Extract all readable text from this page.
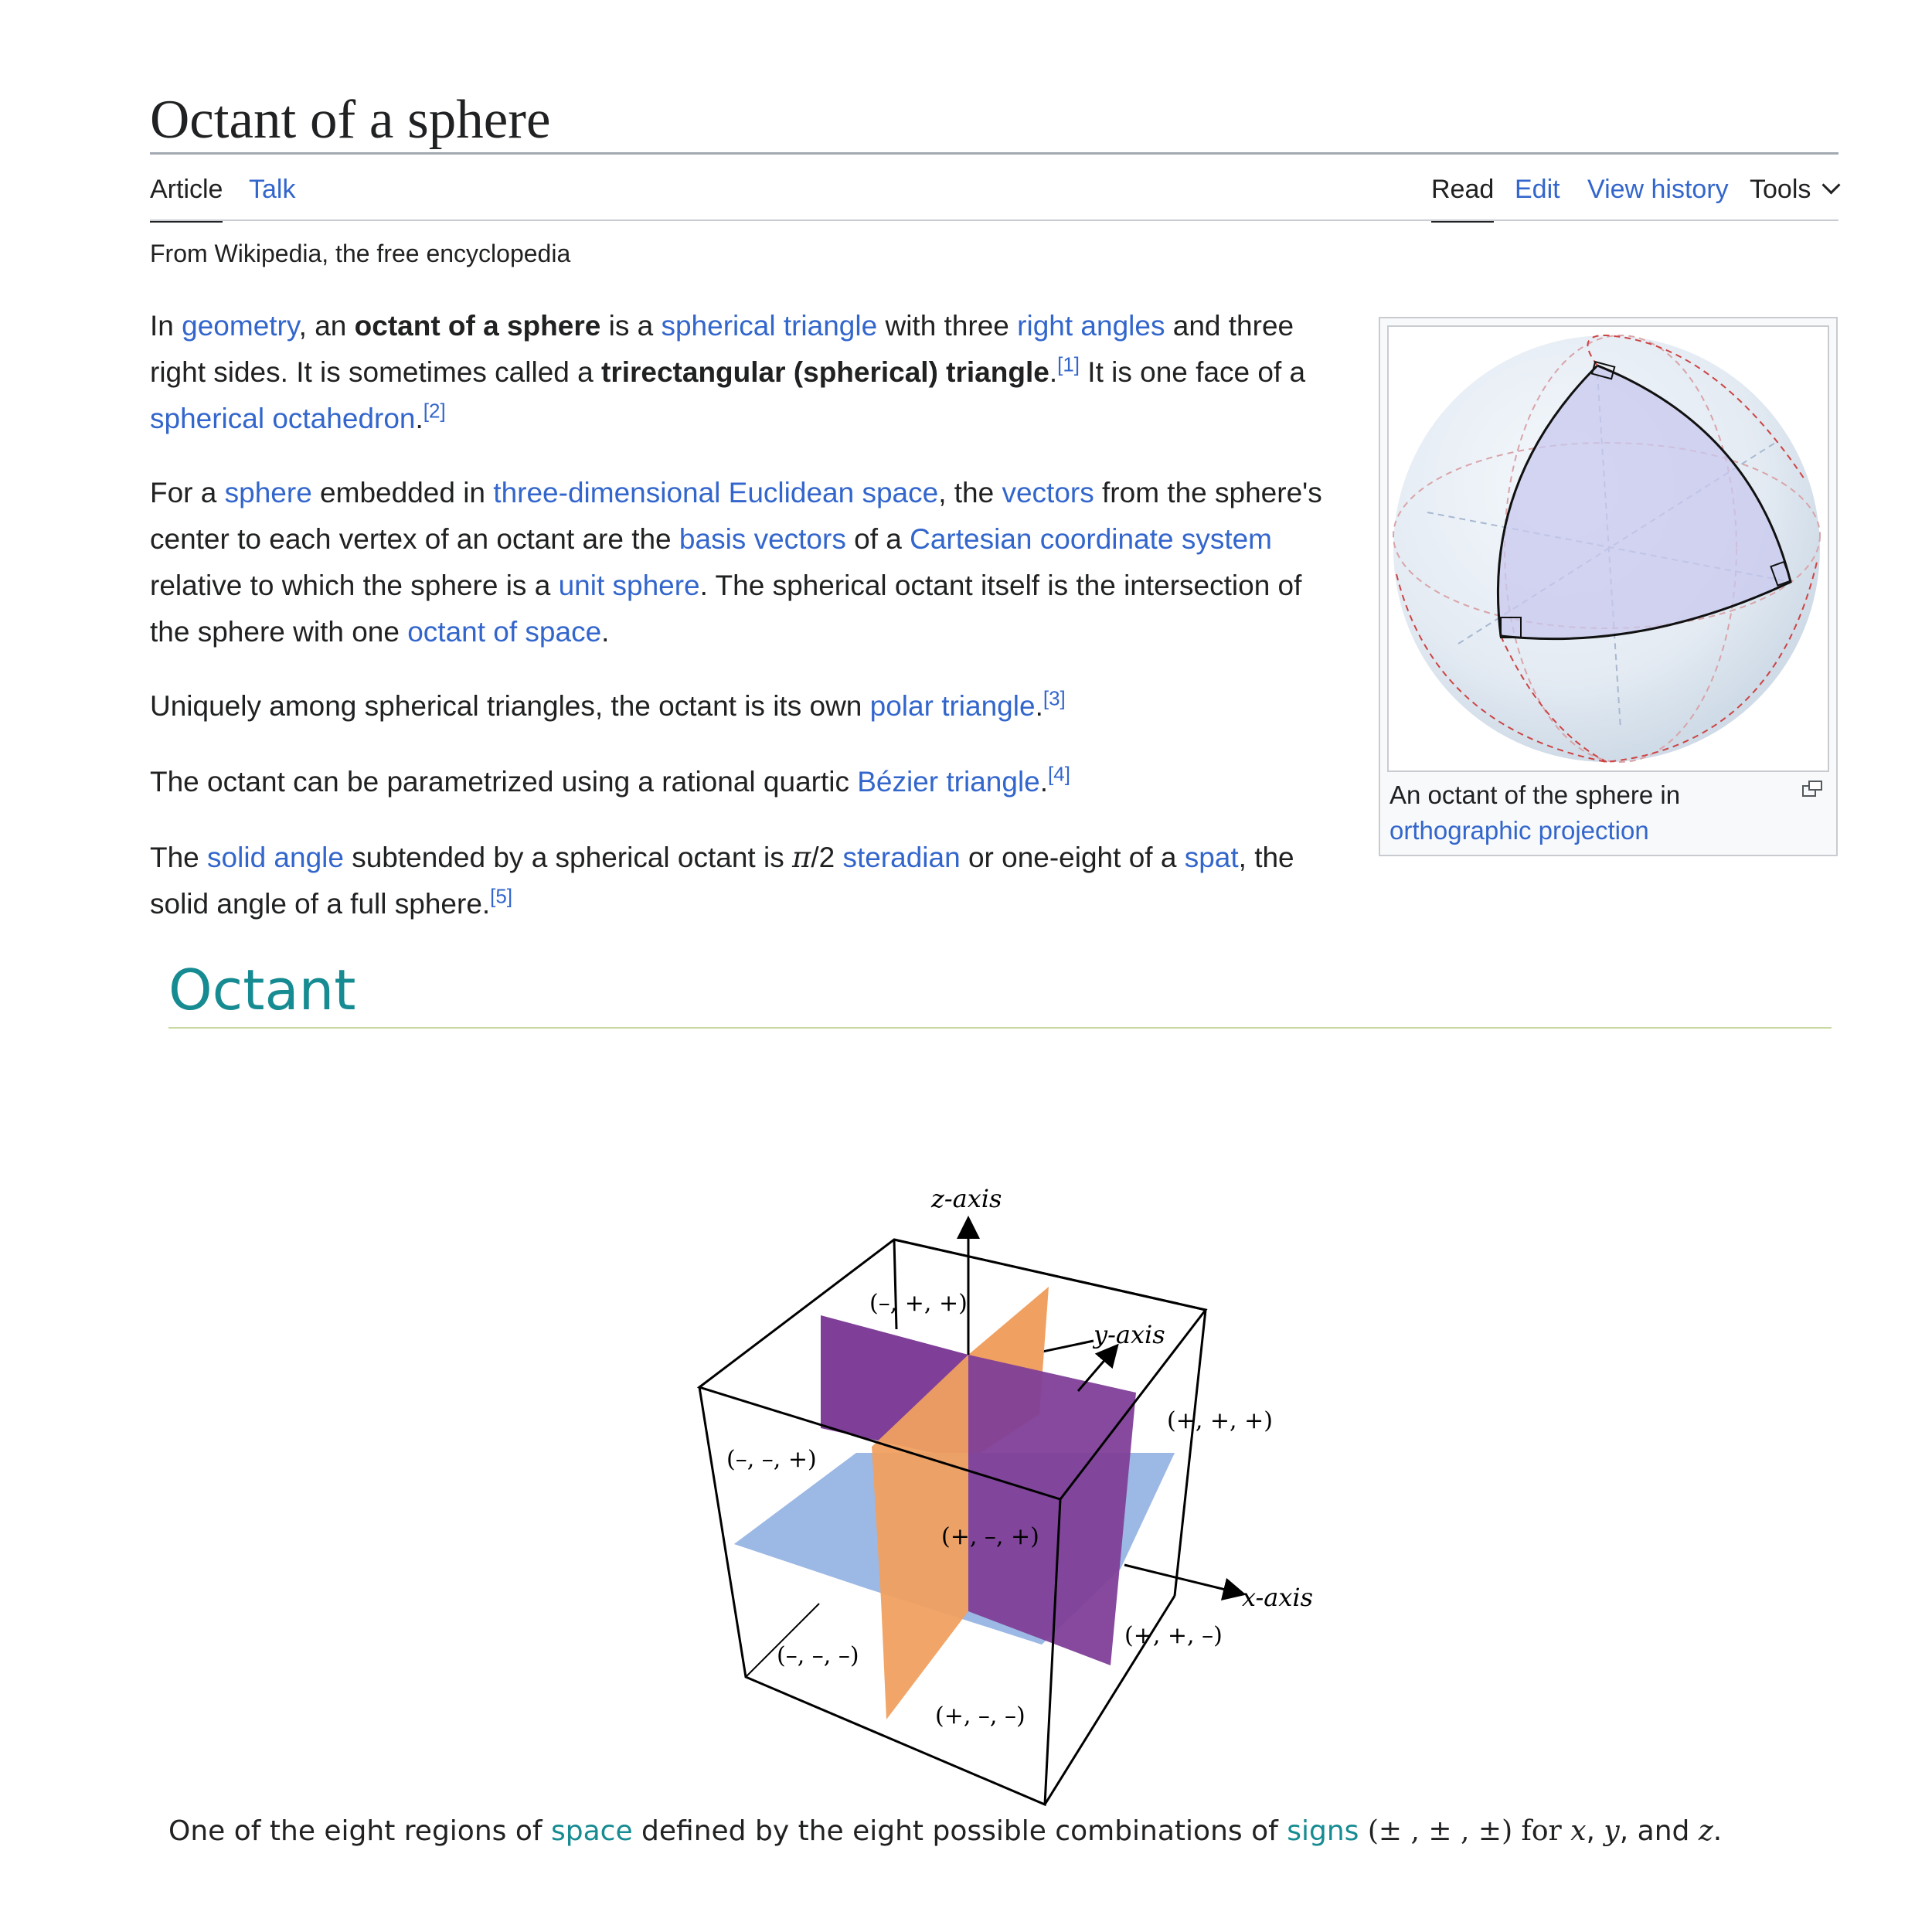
Octant of a sphere
Article Talk	Read Edit View history Tools
From Wikipedia, the free encyclopedia

In geometry, an octant of a sphere is a spherical triangle with three right angles and three right sides. It is sometimes called a trirectangular (spherical) triangle.[1] It is one face of a spherical octahedron.[2]

For a sphere embedded in three-dimensional Euclidean space, the vectors from the sphere's center to each vertex of an octant are the basis vectors of a Cartesian coordinate system relative to which the sphere is a unit sphere. The spherical octant itself is the intersection of the sphere with one octant of space.

Uniquely among spherical triangles, the octant is its own polar triangle.[3]

The octant can be parametrized using a rational quartic Bézier triangle.[4]

The solid angle subtended by a spherical octant is π/2 steradian or one-eight of a spat, the solid angle of a full sphere.[5]

An octant of the sphere in orthographic projection
Octant
z-axis
y-axis
x-axis
(–, +, +)
(+, +, +)
(–, –, +)
(+, –, +)
(+, +, –)
(–, –, –)
(+, –, –)
One of the eight regions of space defined by the eight possible combinations of signs (± , ± , ±) for x, y, and z.
